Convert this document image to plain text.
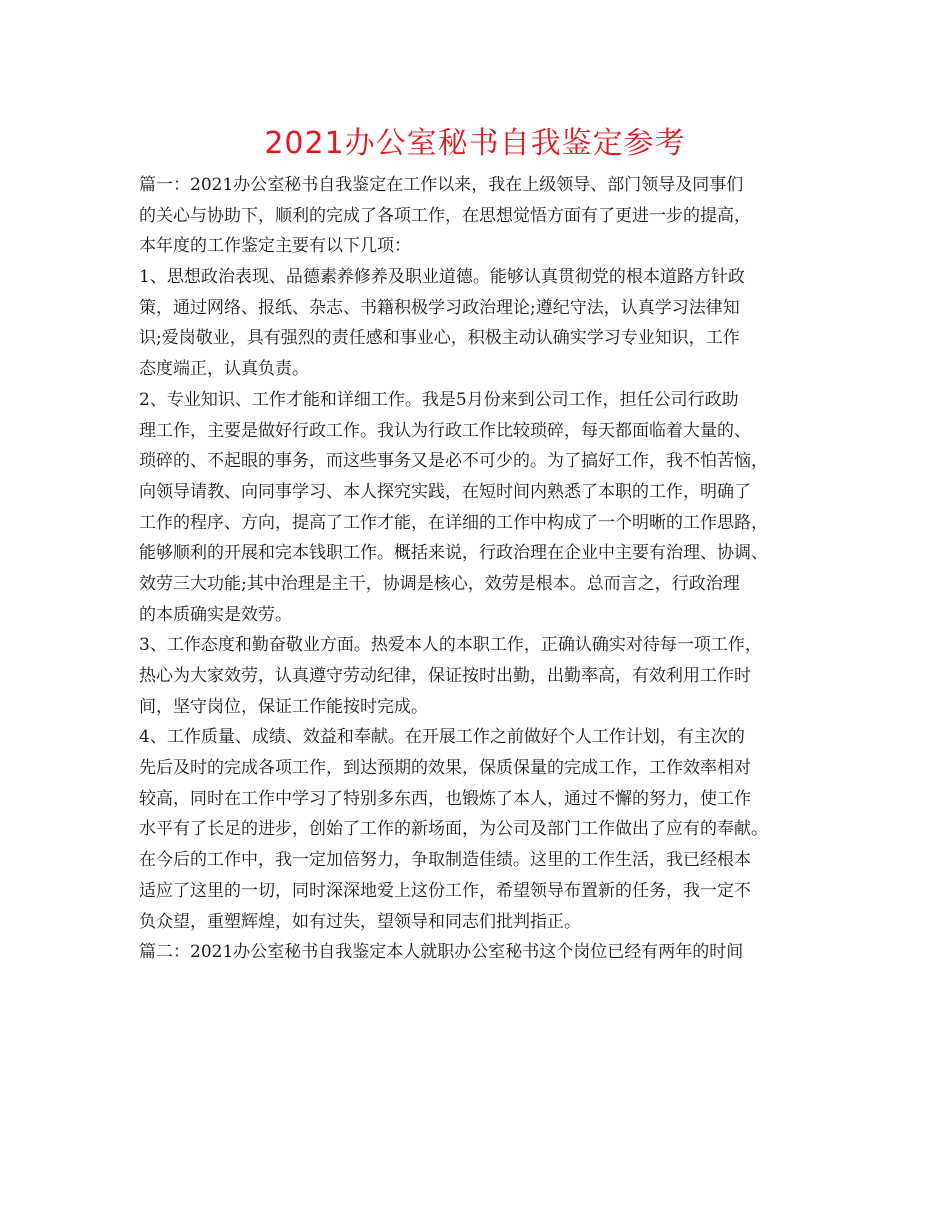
2021办公室秘书自我鉴定参考
篇一：2021办公室秘书自我鉴定在工作以来，我在上级领导、部门领导及同事们
的关心与协助下，顺利的完成了各项工作，在思想觉悟方面有了更进一步的提高，
本年度的工作鉴定主要有以下几项：
1、思想政治表现、品德素养修养及职业道德。能够认真贯彻党的根本道路方针政
策，通过网络、报纸、杂志、书籍积极学习政治理论;遵纪守法，认真学习法律知
识;爱岗敬业，具有强烈的责任感和事业心，积极主动认确实学习专业知识，工作
态度端正，认真负责。
2、专业知识、工作才能和详细工作。我是5月份来到公司工作，担任公司行政助
理工作，主要是做好行政工作。我认为行政工作比较琐碎，每天都面临着大量的、
琐碎的、不起眼的事务，而这些事务又是必不可少的。为了搞好工作，我不怕苦恼，
向领导请教、向同事学习、本人探究实践，在短时间内熟悉了本职的工作，明确了
工作的程序、方向，提高了工作才能，在详细的工作中构成了一个明晰的工作思路，
能够顺利的开展和完本钱职工作。概括来说，行政治理在企业中主要有治理、协调、
效劳三大功能;其中治理是主干，协调是核心，效劳是根本。总而言之，行政治理
的本质确实是效劳。
3、工作态度和勤奋敬业方面。热爱本人的本职工作，正确认确实对待每一项工作，
热心为大家效劳，认真遵守劳动纪律，保证按时出勤，出勤率高，有效利用工作时
间，坚守岗位，保证工作能按时完成。
4、工作质量、成绩、效益和奉献。在开展工作之前做好个人工作计划，有主次的
先后及时的完成各项工作，到达预期的效果，保质保量的完成工作，工作效率相对
较高，同时在工作中学习了特别多东西，也锻炼了本人，通过不懈的努力，使工作
水平有了长足的进步，创始了工作的新场面，为公司及部门工作做出了应有的奉献。
在今后的工作中，我一定加倍努力，争取制造佳绩。这里的工作生活，我已经根本
适应了这里的一切，同时深深地爱上这份工作，希望领导布置新的任务，我一定不
负众望，重塑辉煌，如有过失，望领导和同志们批判指正。
篇二：2021办公室秘书自我鉴定本人就职办公室秘书这个岗位已经有两年的时间
